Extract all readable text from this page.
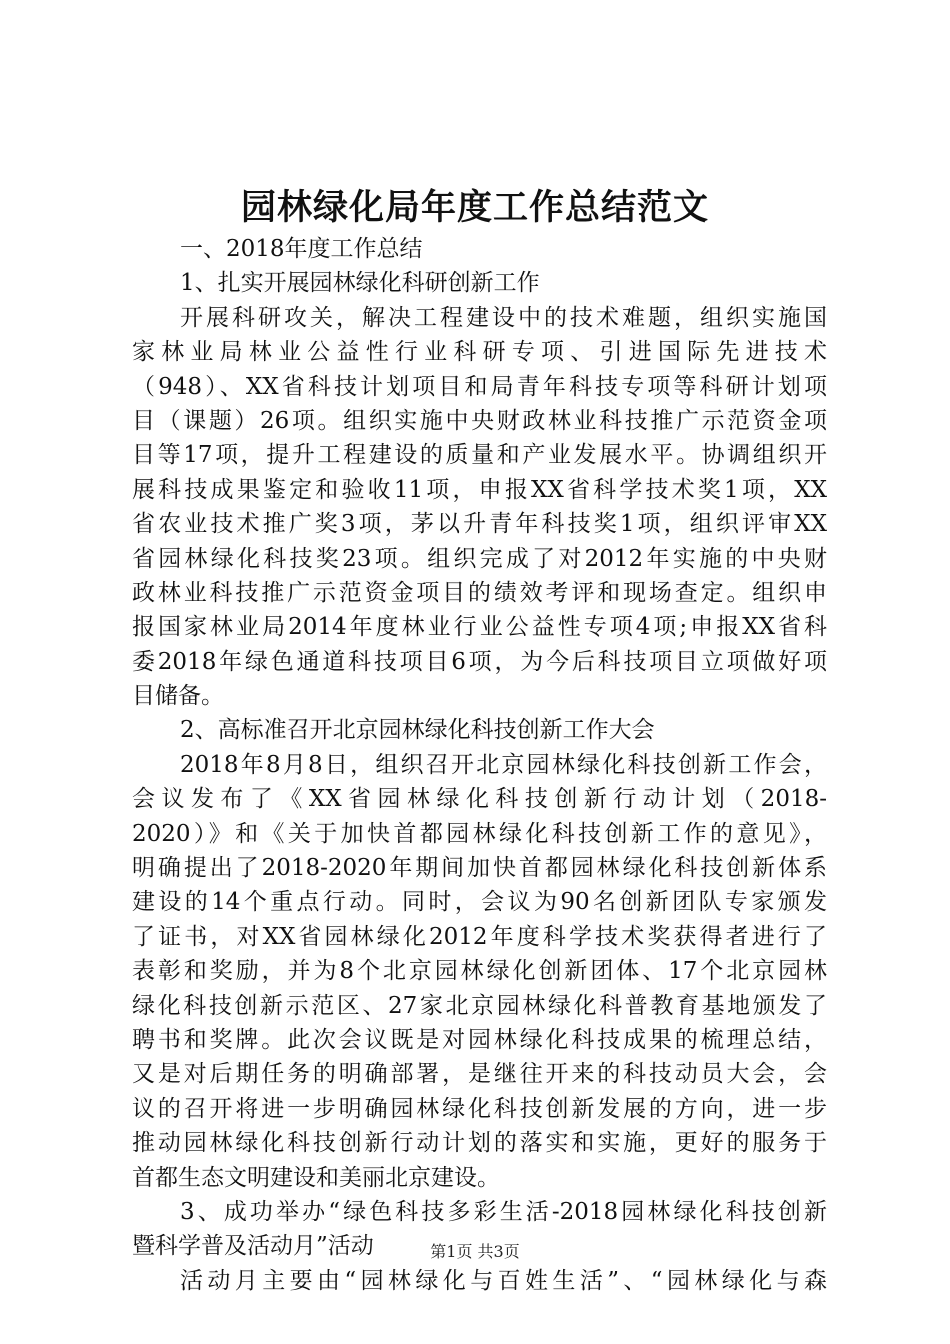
园林绿化局年度工作总结范文
一、2018年度工作总结
1、扎实开展园林绿化科研创新工作
开展科研攻关，解决工程建设中的技术难题，组织实施国
家林业局林业公益性行业科研专项、引进国际先进技术
（948）、XX省科技计划项目和局青年科技专项等科研计划项
目（课题）26项。组织实施中央财政林业科技推广示范资金项
目等17项，提升工程建设的质量和产业发展水平。协调组织开
展科技成果鉴定和验收11项，申报XX省科学技术奖1项，XX
省农业技术推广奖3项，茅以升青年科技奖1项，组织评审XX
省园林绿化科技奖23项。组织完成了对2012年实施的中央财
政林业科技推广示范资金项目的绩效考评和现场查定。组织申
报国家林业局2014年度林业行业公益性专项4项;申报XX省科
委2018年绿色通道科技项目6项，为今后科技项目立项做好项
目储备。
2、高标准召开北京园林绿化科技创新工作大会
2018年8月8日，组织召开北京园林绿化科技创新工作会，
会议发布了《XX省园林绿化科技创新行动计划（2018-
2020）》和《关于加快首都园林绿化科技创新工作的意见》，
明确提出了2018-2020年期间加快首都园林绿化科技创新体系
建设的14个重点行动。同时，会议为90名创新团队专家颁发
了证书，对XX省园林绿化2012年度科学技术奖获得者进行了
表彰和奖励，并为8个北京园林绿化创新团体、17个北京园林
绿化科技创新示范区、27家北京园林绿化科普教育基地颁发了
聘书和奖牌。此次会议既是对园林绿化科技成果的梳理总结，
又是对后期任务的明确部署，是继往开来的科技动员大会，会
议的召开将进一步明确园林绿化科技创新发展的方向，进一步
推动园林绿化科技创新行动计划的落实和实施，更好的服务于
首都生态文明建设和美丽北京建设。
3、成功举办“绿色科技多彩生活-2018园林绿化科技创新
暨科学普及活动月”活动
活动月主要由“园林绿化与百姓生活”、“园林绿化与森
第1页 共3页
